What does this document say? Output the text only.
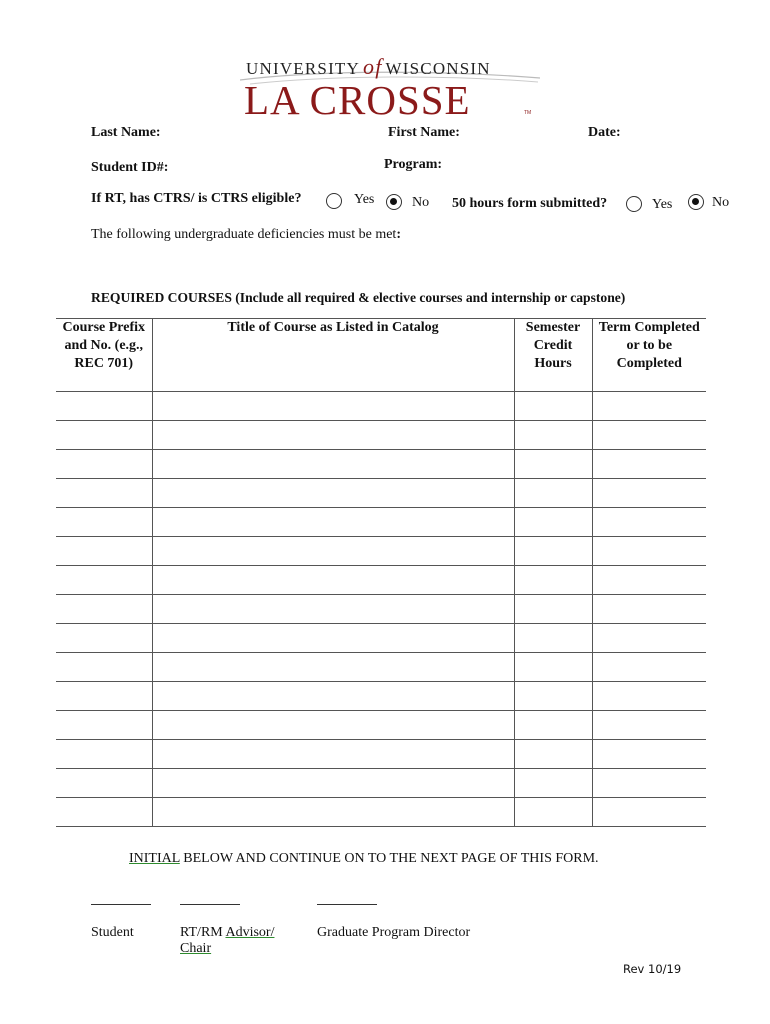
UNIVERSITY of WISCONSIN
LA CROSSE	TM
Last Name:	First Name:	Date:
Student ID#:	Program:
If RT, has CTRS/ is CTRS eligible?	Yes	No 50 hours form submitted?	Yes	No
The following undergraduate deficiencies must be met:
REQUIRED COURSES (Include all required & elective courses and internship or capstone)
Course Prefix and No. (e.g., REC 701)	Title of Course as Listed in Catalog	Semester Credit Hours	Term Completed or to be Completed

INITIAL BELOW AND CONTINUE ON TO THE NEXT PAGE OF THIS FORM.
Student	RT/RM Advisor/
Chair
Graduate Program Director
Rev 10/19
